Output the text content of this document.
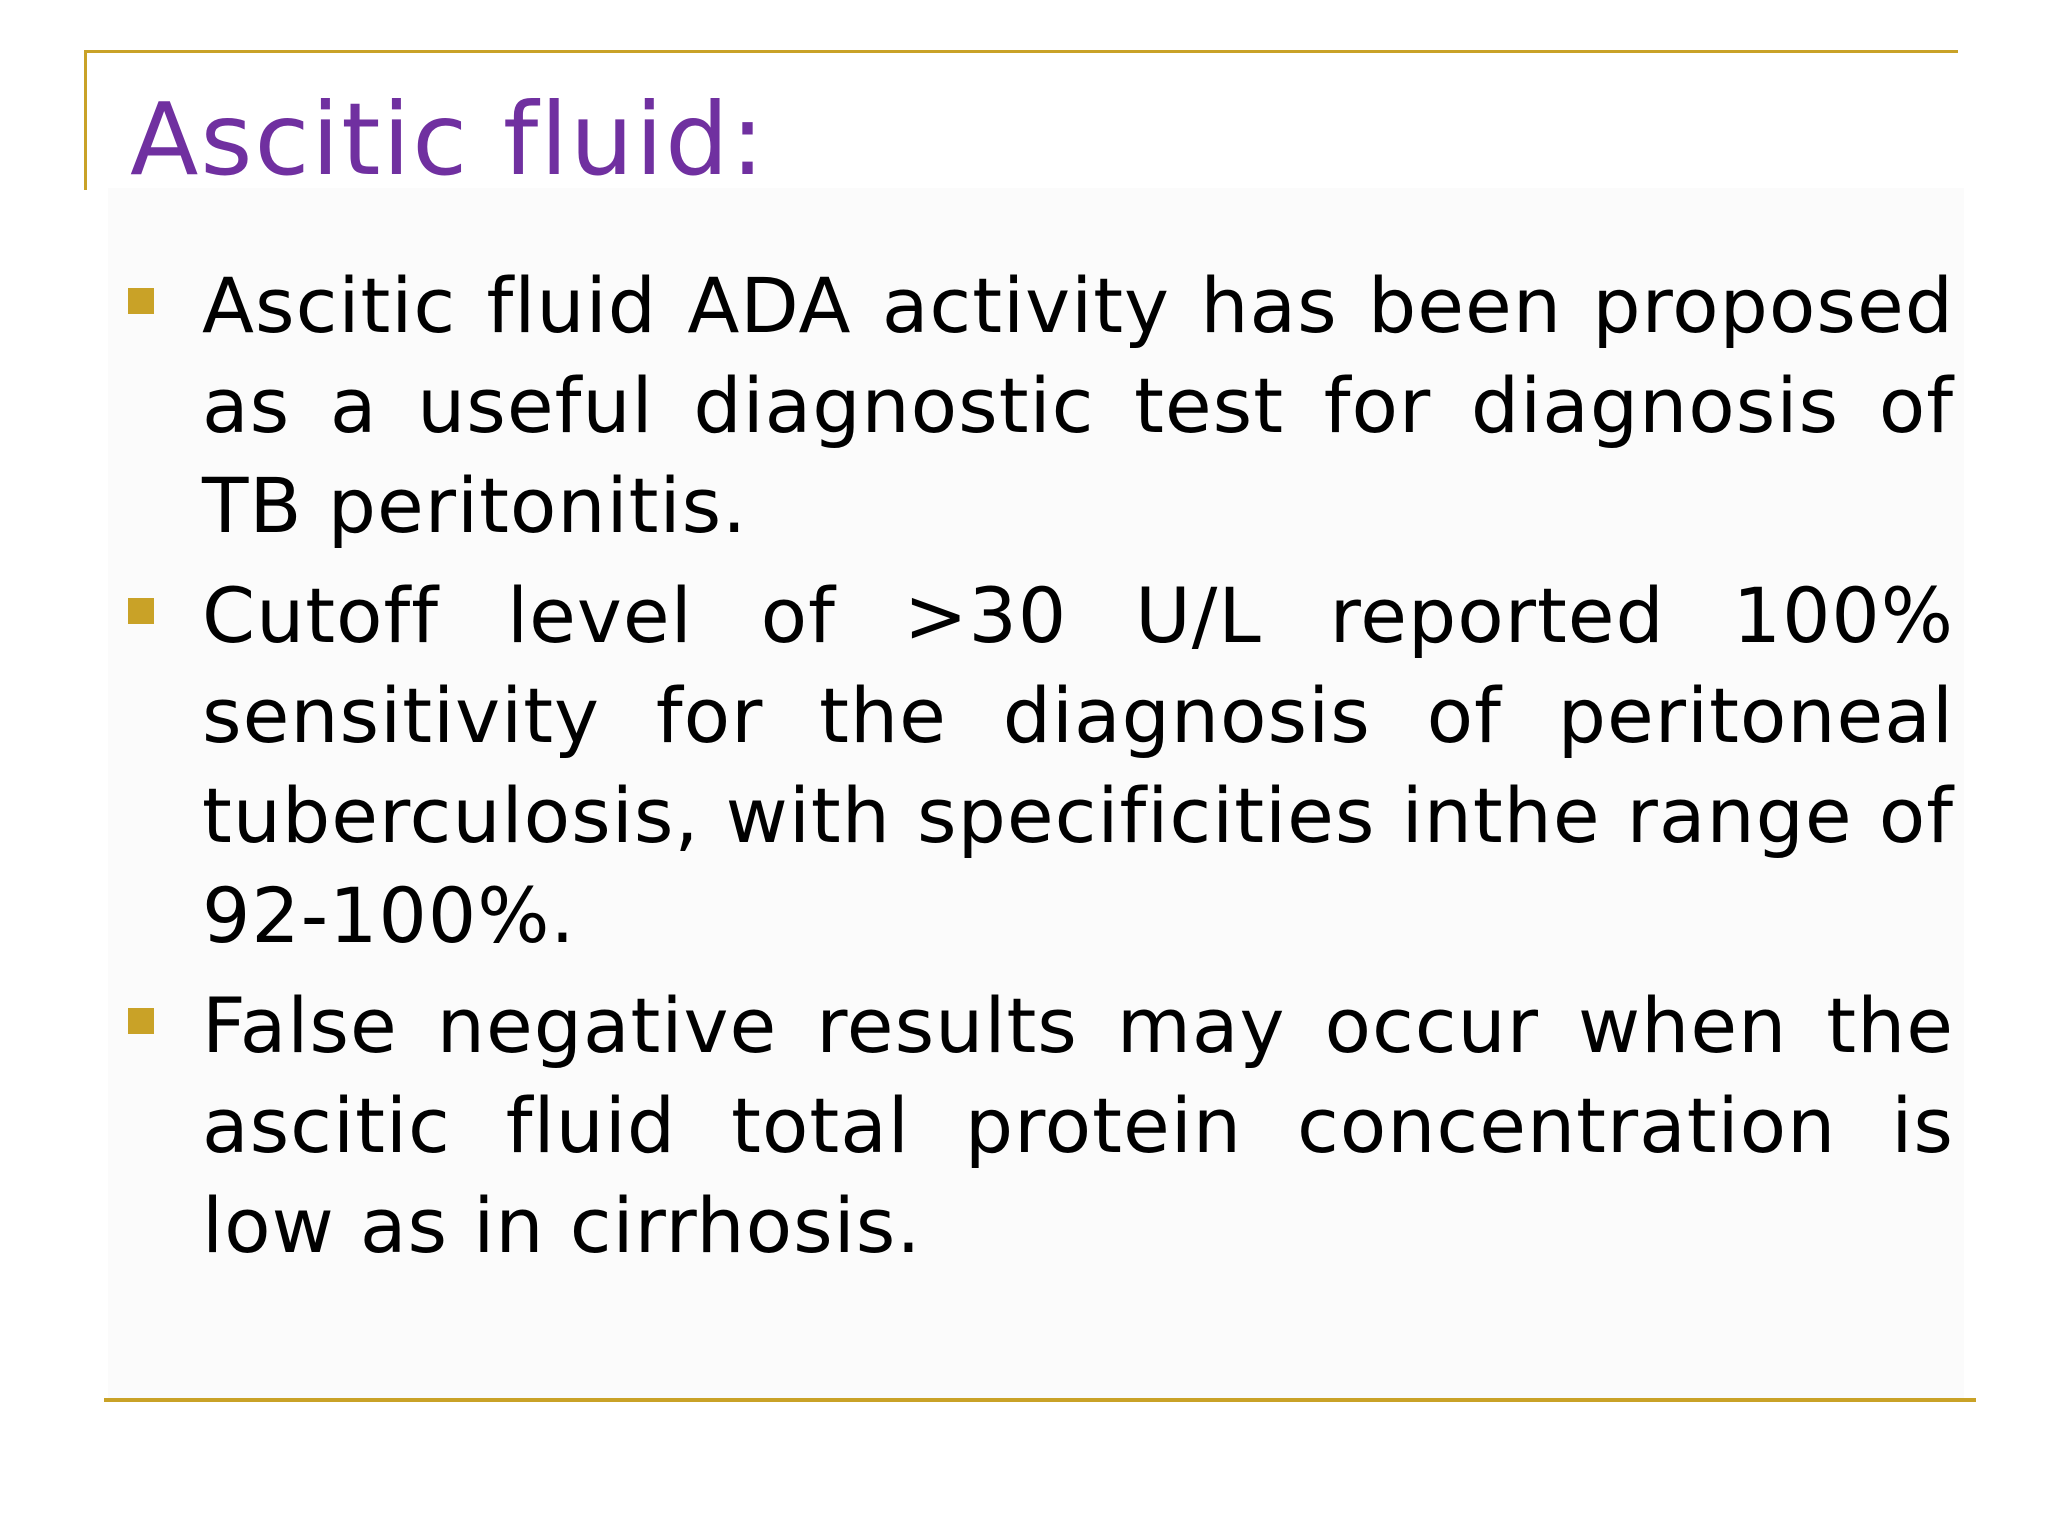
Ascitic fluid:

Ascitic fluid ADA activity has been proposed as a useful diagnostic test for diagnosis of TB peritonitis.

Cutoff level of >30 U/L reported 100% sensitivity for the diagnosis of peritoneal tuberculosis, with specificities inthe range of 92-100%.

False negative results may occur when the ascitic fluid total protein concentration is low as in cirrhosis.
